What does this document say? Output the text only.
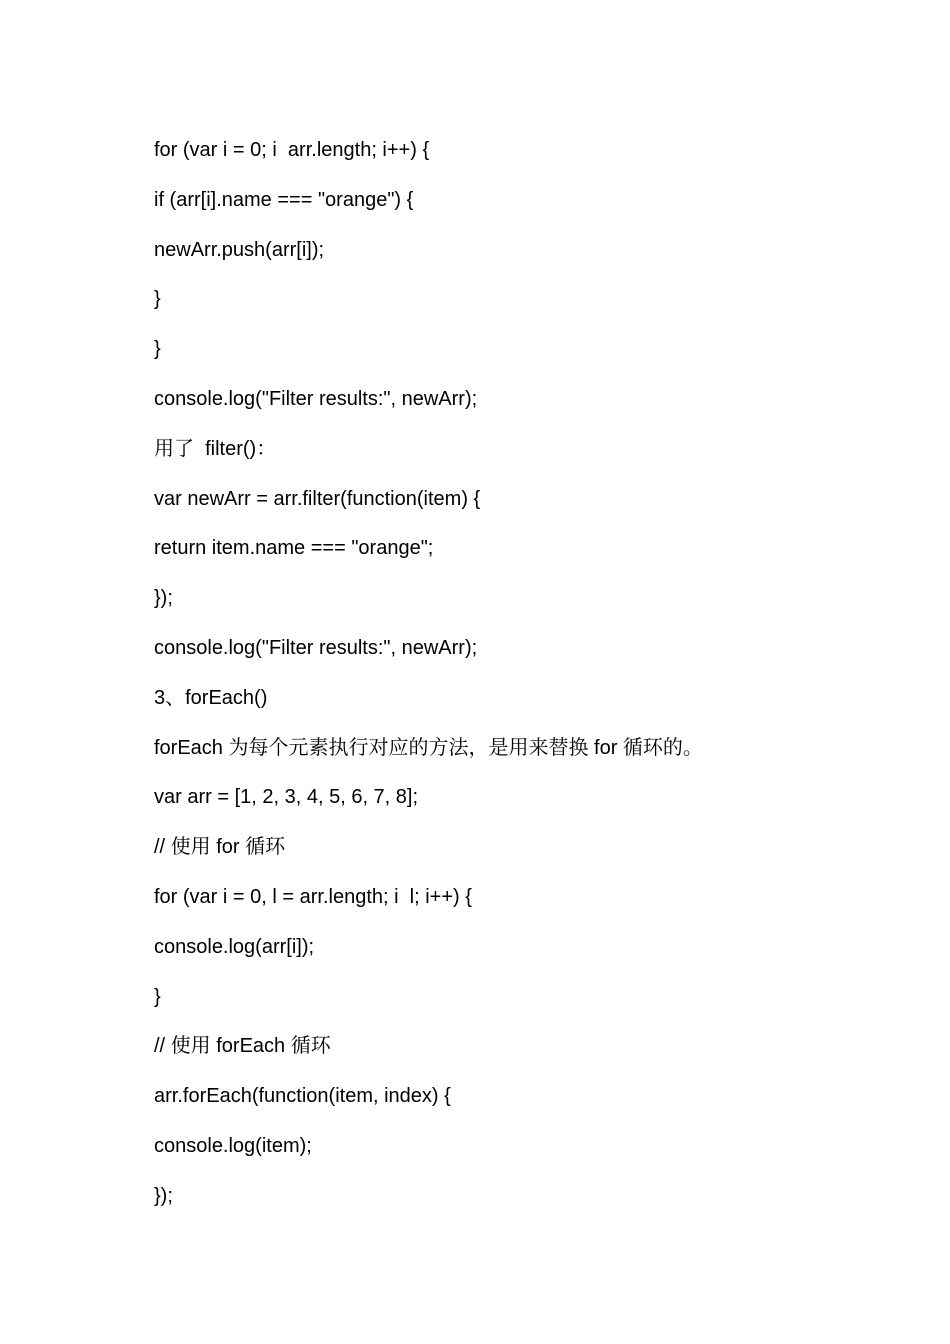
for (var i = 0; i  arr.length; i++) {
if (arr[i].name === "orange") {
newArr.push(arr[i]);
}
}
console.log("Filter results:", newArr);
用了  filter()：
var newArr = arr.filter(function(item) {
return item.name === "orange";
});
console.log("Filter results:", newArr);
3、forEach()
forEach 为每个元素执行对应的方法，是用来替换 for 循环的。
var arr = [1, 2, 3, 4, 5, 6, 7, 8];
// 使用 for 循环
for (var i = 0, l = arr.length; i  l; i++) {
console.log(arr[i]);
}
// 使用 forEach 循环
arr.forEach(function(item, index) {
console.log(item);
});
